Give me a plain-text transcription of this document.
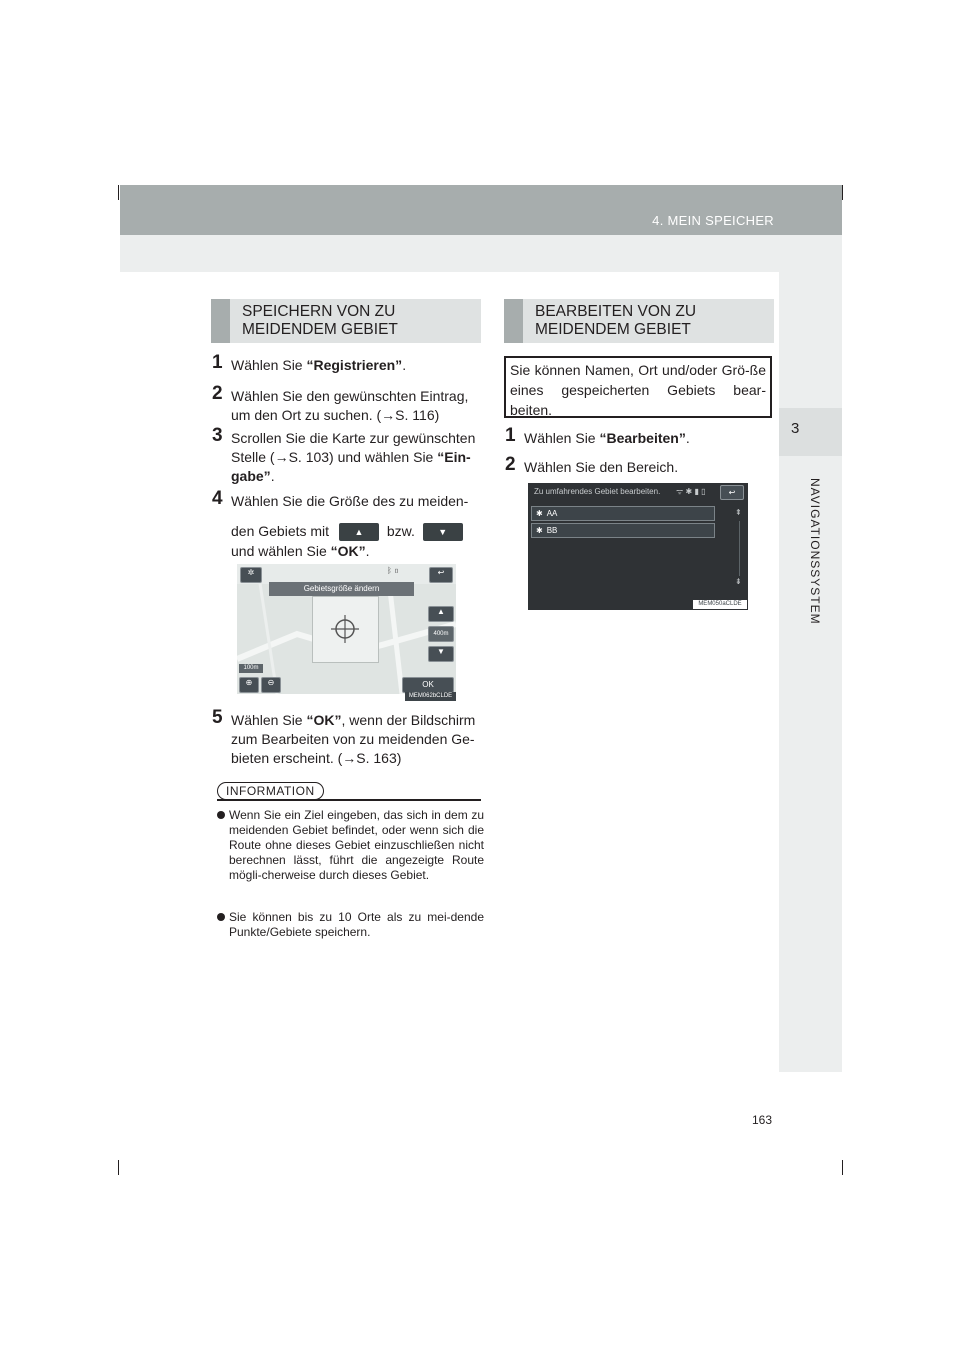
4. MEIN SPEICHER
3
NAVIGATIONSSYSTEM
SPEICHERN VON ZU MEIDENDEM GEBIET
1 Wählen Sie “Registrieren”.
2 Wählen Sie den gewünschten Eintrag,
um den Ort zu suchen. (→S. 116)
3 Scrollen Sie die Karte zur gewünschten
Stelle (→S. 103) und wählen Sie “Ein-
gabe”.
4 Wählen Sie die Größe des zu meiden-
den Gebiets mit	▲ bzw.	▼
und wählen Sie “OK”.
✲	↩
ᛒ ▯
Gebietsgröße ändern
▲
400m
▼
100m
⊕	⊖	OK
MEM062bCLDE
5 Wählen Sie “OK”, wenn der Bildschirm
zum Bearbeiten von zu meidenden Ge-
bieten erscheint. (→S. 163)
INFORMATION
Wenn Sie ein Ziel eingeben, das sich in dem zu meidenden Gebiet befindet, oder wenn sich die Route ohne dieses Gebiet einzuschließen nicht berechnen lässt, führt die angezeigte Route mögli-cherweise durch dieses Gebiet.
Sie können bis zu 10 Orte als zu mei-dende Punkte/Gebiete speichern.
BEARBEITEN VON ZU MEIDENDEM GEBIET
Sie können Namen, Ort und/oder Grö-ße eines gespeicherten Gebiets bear-beiten.
1 Wählen Sie “Bearbeiten”.
2 Wählen Sie den Bereich.
Zu umfahrendes Gebiet bearbeiten. ᯤ ✱ ▮ ▯	↩
✱ AA
✱ BB
⇞
⇟
MEM050aCLDE
163
